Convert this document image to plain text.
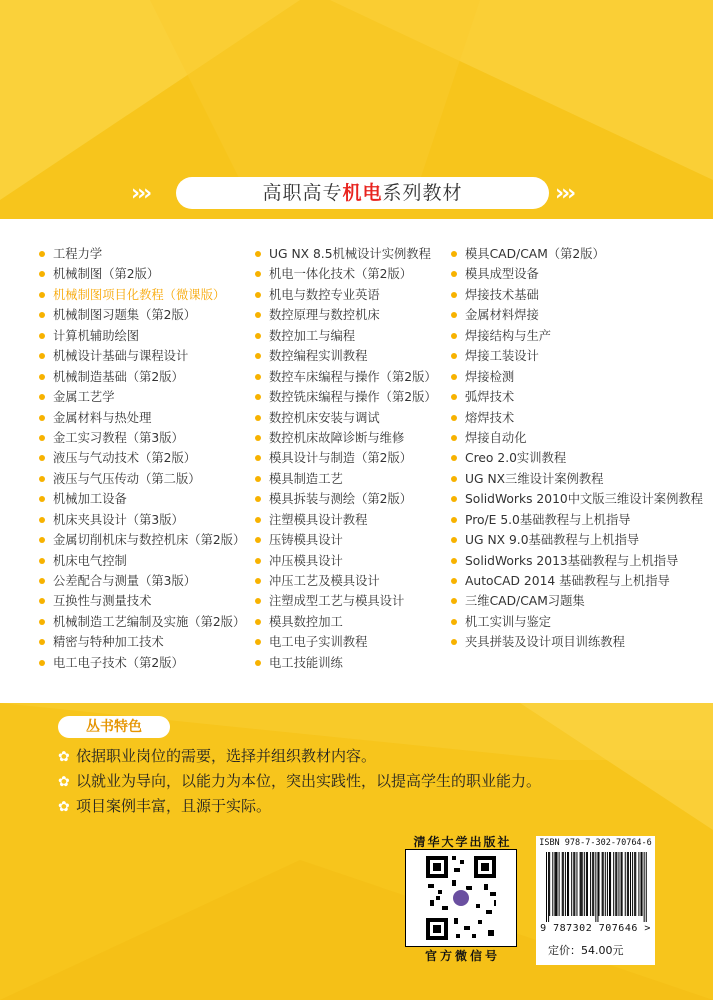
›››	›››
高职高专机电系列教材
工程力学
机械制图（第2版）
机械制图项目化教程（微课版）
机械制图习题集（第2版）
计算机辅助绘图
机械设计基础与课程设计
机械制造基础（第2版）
金属工艺学
金属材料与热处理
金工实习教程（第3版）
液压与气动技术（第2版）
液压与气压传动（第二版）
机械加工设备
机床夹具设计（第3版）
金属切削机床与数控机床（第2版）
机床电气控制
公差配合与测量（第3版）
互换性与测量技术
机械制造工艺编制及实施（第2版）
精密与特种加工技术
电工电子技术（第2版）
UG NX 8.5机械设计实例教程
机电一体化技术（第2版）
机电与数控专业英语
数控原理与数控机床
数控加工与编程
数控编程实训教程
数控车床编程与操作（第2版）
数控铣床编程与操作（第2版）
数控机床安装与调试
数控机床故障诊断与维修
模具设计与制造（第2版）
模具制造工艺
模具拆装与测绘（第2版）
注塑模具设计教程
压铸模具设计
冲压模具设计
冲压工艺及模具设计
注塑成型工艺与模具设计
模具数控加工
电工电子实训教程
电工技能训练
模具CAD/CAM（第2版）
模具成型设备
焊接技术基础
金属材料焊接
焊接结构与生产
焊接工装设计
焊接检测
弧焊技术
熔焊技术
焊接自动化
Creo 2.0实训教程
UG NX三维设计案例教程
SolidWorks 2010中文版三维设计案例教程
Pro/E 5.0基础教程与上机指导
UG NX 9.0基础教程与上机指导
SolidWorks 2013基础教程与上机指导
AutoCAD 2014 基础教程与上机指导
三维CAD/CAM习题集
机工实训与鉴定
夹具拼装及设计项目训练教程
丛书特色
✿ 依据职业岗位的需要，选择并组织教材内容。
✿ 以就业为导向，以能力为本位，突出实践性，以提高学生的职业能力。
✿ 项目案例丰富，且源于实际。
清华大学出版社
官方微信号
ISBN 978-7-302-70764-6
9 787302 707646 >
定价：54.00元
